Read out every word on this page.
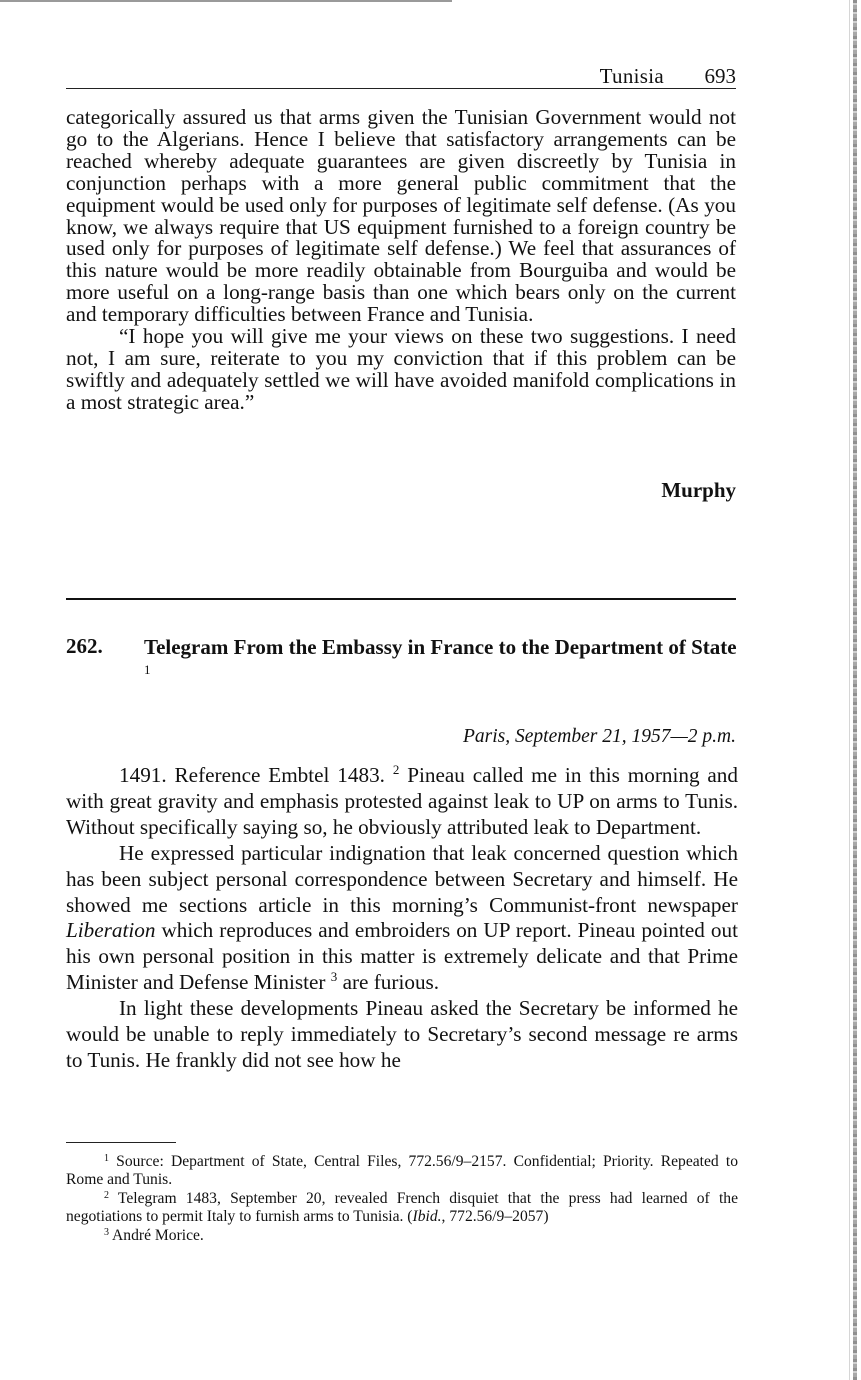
Tunisia 693

categorically assured us that arms given the Tunisian Government would not go to the Algerians. Hence I believe that satisfactory arrangements can be reached whereby adequate guarantees are given discreetly by Tunisia in conjunction perhaps with a more general public commitment that the equipment would be used only for purposes of legitimate self defense. (As you know, we always require that US equipment furnished to a foreign country be used only for purposes of legitimate self defense.) We feel that assurances of this nature would be more readily obtainable from Bourguiba and would be more useful on a long-range basis than one which bears only on the current and temporary difficulties between France and Tunisia.

“I hope you will give me your views on these two suggestions. I need not, I am sure, reiterate to you my conviction that if this problem can be swiftly and adequately settled we will have avoided manifold complications in a most strategic area.”

Murphy
262. Telegram From the Embassy in France to the Department of State $^1$
Paris, September 21, 1957—2 p.m.

1491. Reference Embtel 1483. $^2$ Pineau called me in this morning and with great gravity and emphasis protested against leak to UP on arms to Tunis. Without specifically saying so, he obviously attributed leak to Department.

He expressed particular indignation that leak concerned question which has been subject personal correspondence between Secretary and himself. He showed me sections article in this morning’s Communist-front newspaper Liberation which reproduces and embroiders on UP report. Pineau pointed out his own personal position in this matter is extremely delicate and that Prime Minister and Defense Minister $^3$ are furious.

In light these developments Pineau asked the Secretary be informed he would be unable to reply immediately to Secretary’s second message re arms to Tunis. He frankly did not see how he

$^1$ Source: Department of State, Central Files, 772.56/9–2157. Confidential; Priority. Repeated to Rome and Tunis.

$^2$ Telegram 1483, September 20, revealed French disquiet that the press had learned of the negotiations to permit Italy to furnish arms to Tunisia. (Ibid., 772.56/9–2057)

$^3$ André Morice.
